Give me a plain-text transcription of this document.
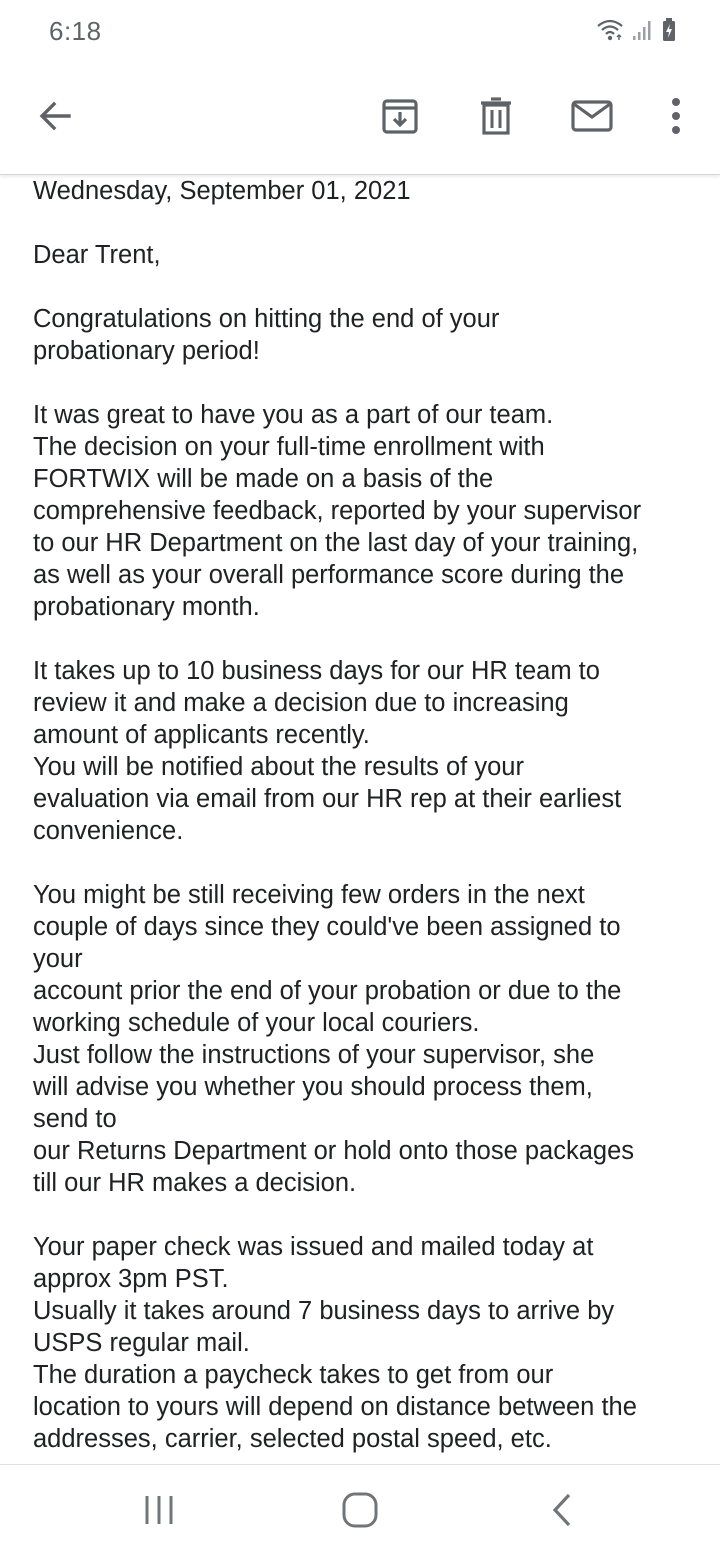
6:18

Wednesday, September 01, 2021

Dear Trent,

Congratulations on hitting the end of your
probationary period!

It was great to have you as a part of our team.
The decision on your full-time enrollment with
FORTWIX will be made on a basis of the
comprehensive feedback, reported by your supervisor
to our HR Department on the last day of your training,
as well as your overall performance score during the
probationary month.

It takes up to 10 business days for our HR team to
review it and make a decision due to increasing
amount of applicants recently.
You will be notified about the results of your
evaluation via email from our HR rep at their earliest
convenience.

You might be still receiving few orders in the next
couple of days since they could've been assigned to
your
account prior the end of your probation or due to the
working schedule of your local couriers.
Just follow the instructions of your supervisor, she
will advise you whether you should process them,
send to
our Returns Department or hold onto those packages
till our HR makes a decision.

Your paper check was issued and mailed today at
approx 3pm PST.
Usually it takes around 7 business days to arrive by
USPS regular mail.
The duration a paycheck takes to get from our
location to yours will depend on distance between the
addresses, carrier, selected postal speed, etc.
